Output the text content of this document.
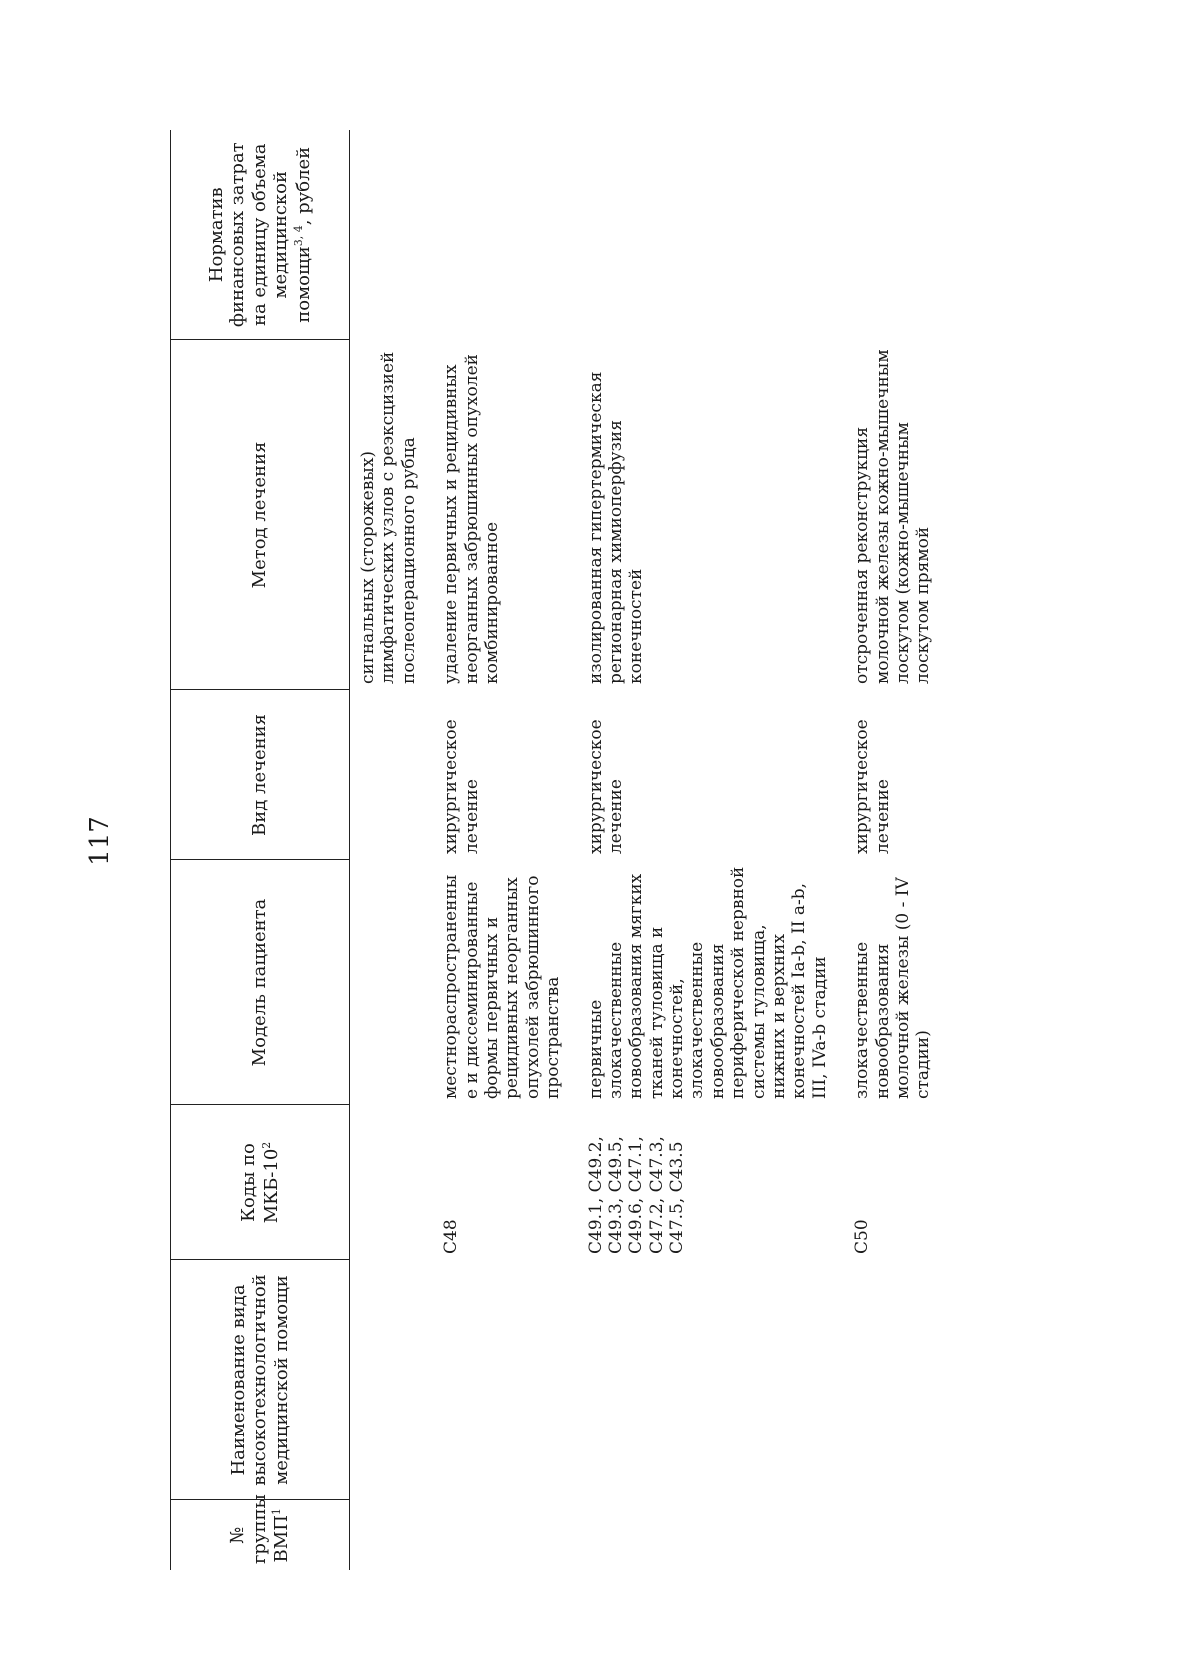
117
№ группы ВМП$^1$	Наименование вида высокотехнологичной медицинской помощи	Коды по МКБ-$10^2$	Модель пациента	Вид лечения	Метод лечения	Норматив финансовых затрат на единицу объема медицинской помощи$^{3, 4}$, рублей
					сигнальных (сторожевых) лимфатических узлов с реэксцизией послеоперационного рубца	
		C48	местнораспространенные и диссеминированные формы первичных и рецидивных неорганных опухолей забрюшинного пространства	хирургическое лечение	удаление первичных и рецидивных неорганных забрюшинных опухолей комбинированное	
		C49.1, C49.2, C49.3, C49.5, C49.6, C47.1, C47.2, C47.3, C47.5, C43.5	первичные злокачественные новообразования мягких тканей туловища и конечностей, злокачественные новообразования периферической нервной системы туловища, нижних и верхних конечностей Ia-b, II a-b, III, IVa-b стадии	хирургическое лечение	изолированная гипертермическая регионарная химиоперфузия конечностей	
		C50	злокачественные новообразования молочной железы (0 - IV стадии)	хирургическое лечение	отсроченная реконструкция молочной железы кожно-мышечным лоскутом (кожно-мышечным лоскутом прямой	
